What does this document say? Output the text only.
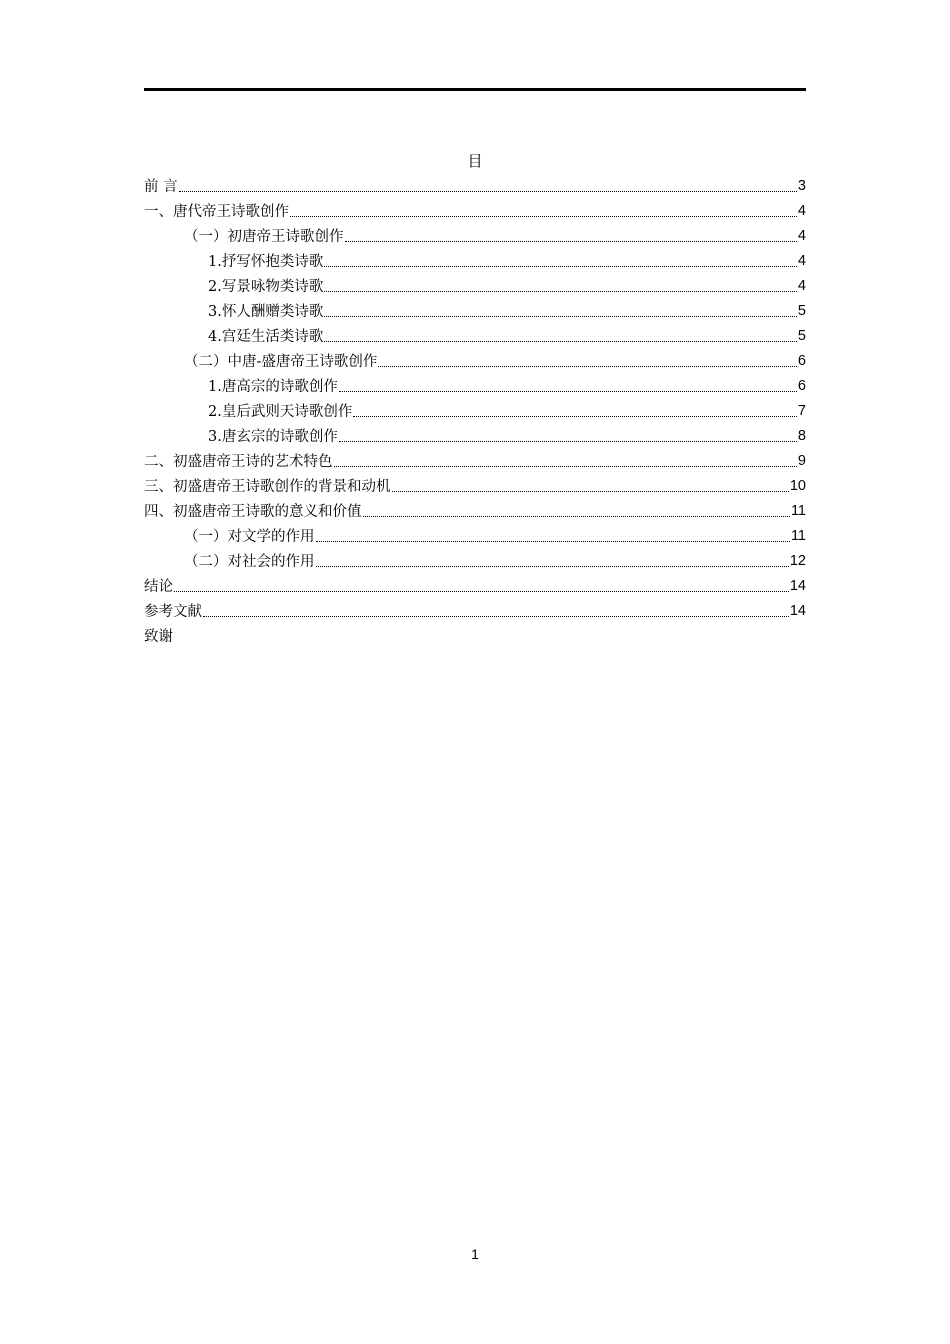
目
前 言	3
一、唐代帝王诗歌创作	4
（一）初唐帝王诗歌创作	4
1.抒写怀抱类诗歌	4
2.写景咏物类诗歌	4
3.怀人酬赠类诗歌	5
4.宫廷生活类诗歌	5
（二）中唐-盛唐帝王诗歌创作	6
1.唐高宗的诗歌创作	6
2.皇后武则天诗歌创作	7
3.唐玄宗的诗歌创作	8
二、初盛唐帝王诗的艺术特色	9
三、初盛唐帝王诗歌创作的背景和动机	10
四、初盛唐帝王诗歌的意义和价值	11
（一）对文学的作用	11
（二）对社会的作用	12
结论	14
参考文献	14
致谢
1
